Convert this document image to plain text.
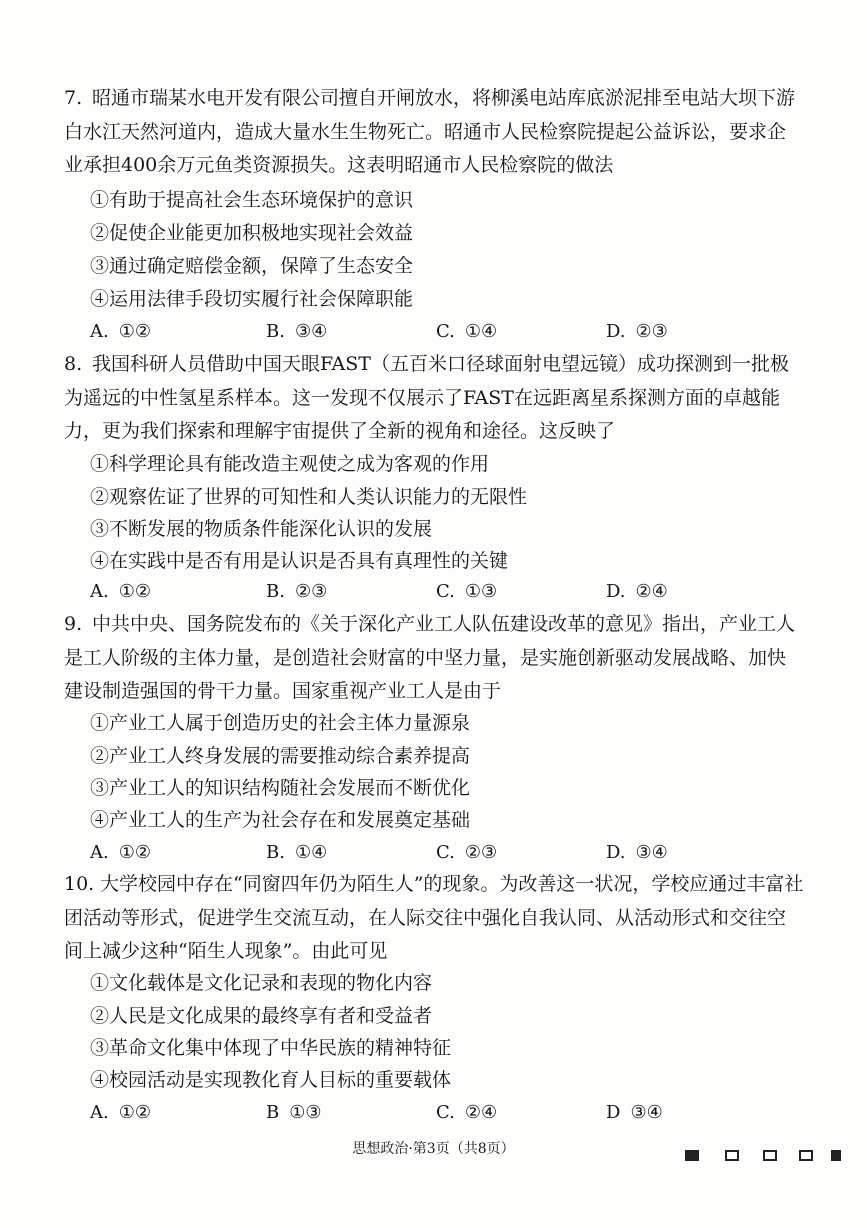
7. 昭通市瑞某水电开发有限公司擅自开闸放水，将柳溪电站库底淤泥排至电站大坝下游白水江天然河道内，造成大量水生生物死亡。昭通市人民检察院提起公益诉讼，要求企业承担400余万元鱼类资源损失。这表明昭通市人民检察院的做法
①有助于提高社会生态环境保护的意识
②促使企业能更加积极地实现社会效益
③通过确定赔偿金额，保障了生态安全
④运用法律手段切实履行社会保障职能
A. ①②	B. ③④	C. ①④	D. ②③
8. 我国科研人员借助中国天眼FAST（五百米口径球面射电望远镜）成功探测到一批极为遥远的中性氢星系样本。这一发现不仅展示了FAST在远距离星系探测方面的卓越能力，更为我们探索和理解宇宙提供了全新的视角和途径。这反映了
①科学理论具有能改造主观使之成为客观的作用
②观察佐证了世界的可知性和人类认识能力的无限性
③不断发展的物质条件能深化认识的发展
④在实践中是否有用是认识是否具有真理性的关键
A. ①②	B. ②③	C. ①③	D. ②④
9. 中共中央、国务院发布的《关于深化产业工人队伍建设改革的意见》指出，产业工人是工人阶级的主体力量，是创造社会财富的中坚力量，是实施创新驱动发展战略、加快建设制造强国的骨干力量。国家重视产业工人是由于
①产业工人属于创造历史的社会主体力量源泉
②产业工人终身发展的需要推动综合素养提高
③产业工人的知识结构随社会发展而不断优化
④产业工人的生产为社会存在和发展奠定基础
A. ①②	B. ①④	C. ②③	D. ③④
10. 大学校园中存在“同窗四年仍为陌生人”的现象。为改善这一状况，学校应通过丰富社团活动等形式，促进学生交流互动，在人际交往中强化自我认同、从活动形式和交往空间上减少这种“陌生人现象”。由此可见
①文化载体是文化记录和表现的物化内容
②人民是文化成果的最终享有者和受益者
③革命文化集中体现了中华民族的精神特征
④校园活动是实现教化育人目标的重要载体
A. ①②	B ①③	C. ②④	D ③④
思想政治·第3页（共8页）
